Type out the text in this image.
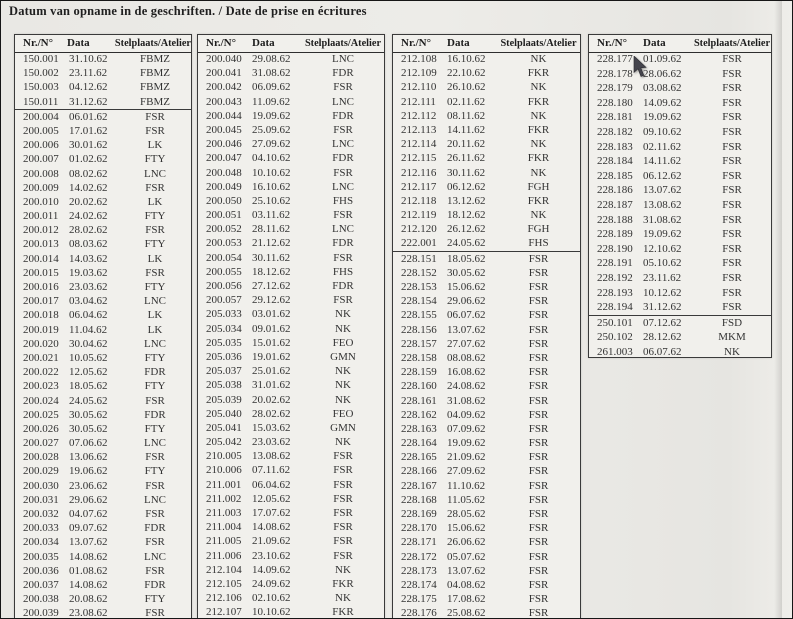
Datum van opname in de geschriften. / Date de prise en écritures
Nr./N°	Data	Stelplaats/Atelier
150.001 31.10.62	FBMZ
150.002 23.11.62	FBMZ
150.003 04.12.62	FBMZ
150.011 31.12.62	FBMZ
200.004 06.01.62	FSR
200.005 17.01.62	FSR
200.006 30.01.62	LK
200.007 01.02.62	FTY
200.008 08.02.62	LNC
200.009 14.02.62	FSR
200.010 20.02.62	LK
200.011 24.02.62	FTY
200.012 28.02.62	FSR
200.013 08.03.62	FTY
200.014 14.03.62	LK
200.015 19.03.62	FSR
200.016 23.03.62	FTY
200.017 03.04.62	LNC
200.018 06.04.62	LK
200.019 11.04.62	LK
200.020 30.04.62	LNC
200.021 10.05.62	FTY
200.022 12.05.62	FDR
200.023 18.05.62	FTY
200.024 24.05.62	FSR
200.025 30.05.62	FDR
200.026 30.05.62	FTY
200.027 07.06.62	LNC
200.028 13.06.62	FSR
200.029 19.06.62	FTY
200.030 23.06.62	FSR
200.031 29.06.62	LNC
200.032 04.07.62	FSR
200.033 09.07.62	FDR
200.034 13.07.62	FSR
200.035 14.08.62	LNC
200.036 01.08.62	FSR
200.037 14.08.62	FDR
200.038 20.08.62	FTY
200.039 23.08.62	FSR
Nr./N°	Data	Stelplaats/Atelier
200.040 29.08.62	LNC
200.041 31.08.62	FDR
200.042 06.09.62	FSR
200.043 11.09.62	LNC
200.044 19.09.62	FDR
200.045 25.09.62	FSR
200.046 27.09.62	LNC
200.047 04.10.62	FDR
200.048 10.10.62	FSR
200.049 16.10.62	LNC
200.050 25.10.62	FHS
200.051 03.11.62	FSR
200.052 28.11.62	LNC
200.053 21.12.62	FDR
200.054 30.11.62	FSR
200.055 18.12.62	FHS
200.056 27.12.62	FDR
200.057 29.12.62	FSR
205.033 03.01.62	NK
205.034 09.01.62	NK
205.035 15.01.62	FEO
205.036 19.01.62	GMN
205.037 25.01.62	NK
205.038 31.01.62	NK
205.039 20.02.62	NK
205.040 28.02.62	FEO
205.041 15.03.62	GMN
205.042 23.03.62	NK
210.005 13.08.62	FSR
210.006 07.11.62	FSR
211.001 06.04.62	FSR
211.002 12.05.62	FSR
211.003 17.07.62	FSR
211.004 14.08.62	FSR
211.005 21.09.62	FSR
211.006 23.10.62	FSR
212.104 14.09.62	NK
212.105 24.09.62	FKR
212.106 02.10.62	NK
212.107 10.10.62	FKR
Nr./N°	Data	Stelplaats/Atelier
212.108 16.10.62	NK
212.109 22.10.62	FKR
212.110 26.10.62	NK
212.111	02.11.62	FKR
212.112 08.11.62	NK
212.113 14.11.62	FKR
212.114 20.11.62	NK
212.115 26.11.62	FKR
212.116 30.11.62	NK
212.117 06.12.62	FGH
212.118 13.12.62	FKR
212.119 18.12.62	NK
212.120 26.12.62	FGH
222.001 24.05.62	FHS
228.151 18.05.62	FSR
228.152 30.05.62	FSR
228.153 15.06.62	FSR
228.154 29.06.62	FSR
228.155 06.07.62	FSR
228.156 13.07.62	FSR
228.157 27.07.62	FSR
228.158 08.08.62	FSR
228.159 16.08.62	FSR
228.160 24.08.62	FSR
228.161 31.08.62	FSR
228.162 04.09.62	FSR
228.163 07.09.62	FSR
228.164 19.09.62	FSR
228.165 21.09.62	FSR
228.166 27.09.62	FSR
228.167 11.10.62	FSR
228.168 11.05.62	FSR
228.169 28.05.62	FSR
228.170 15.06.62	FSR
228.171 26.06.62	FSR
228.172 05.07.62	FSR
228.173 13.07.62	FSR
228.174 04.08.62	FSR
228.175 17.08.62	FSR
228.176 25.08.62	FSR
Nr./N°	Data	Stelplaats/Atelier
228.177 01.09.62	FSR
228.178 28.06.62	FSR
228.179 03.08.62	FSR
228.180 14.09.62	FSR
228.181 19.09.62	FSR
228.182 09.10.62	FSR
228.183 02.11.62	FSR
228.184 14.11.62	FSR
228.185 06.12.62	FSR
228.186 13.07.62	FSR
228.187 13.08.62	FSR
228.188 31.08.62	FSR
228.189 19.09.62	FSR
228.190 12.10.62	FSR
228.191 05.10.62	FSR
228.192 23.11.62	FSR
228.193 10.12.62	FSR
228.194 31.12.62	FSR
250.101 07.12.62	FSD
250.102 28.12.62	MKM
261.003 06.07.62	NK
